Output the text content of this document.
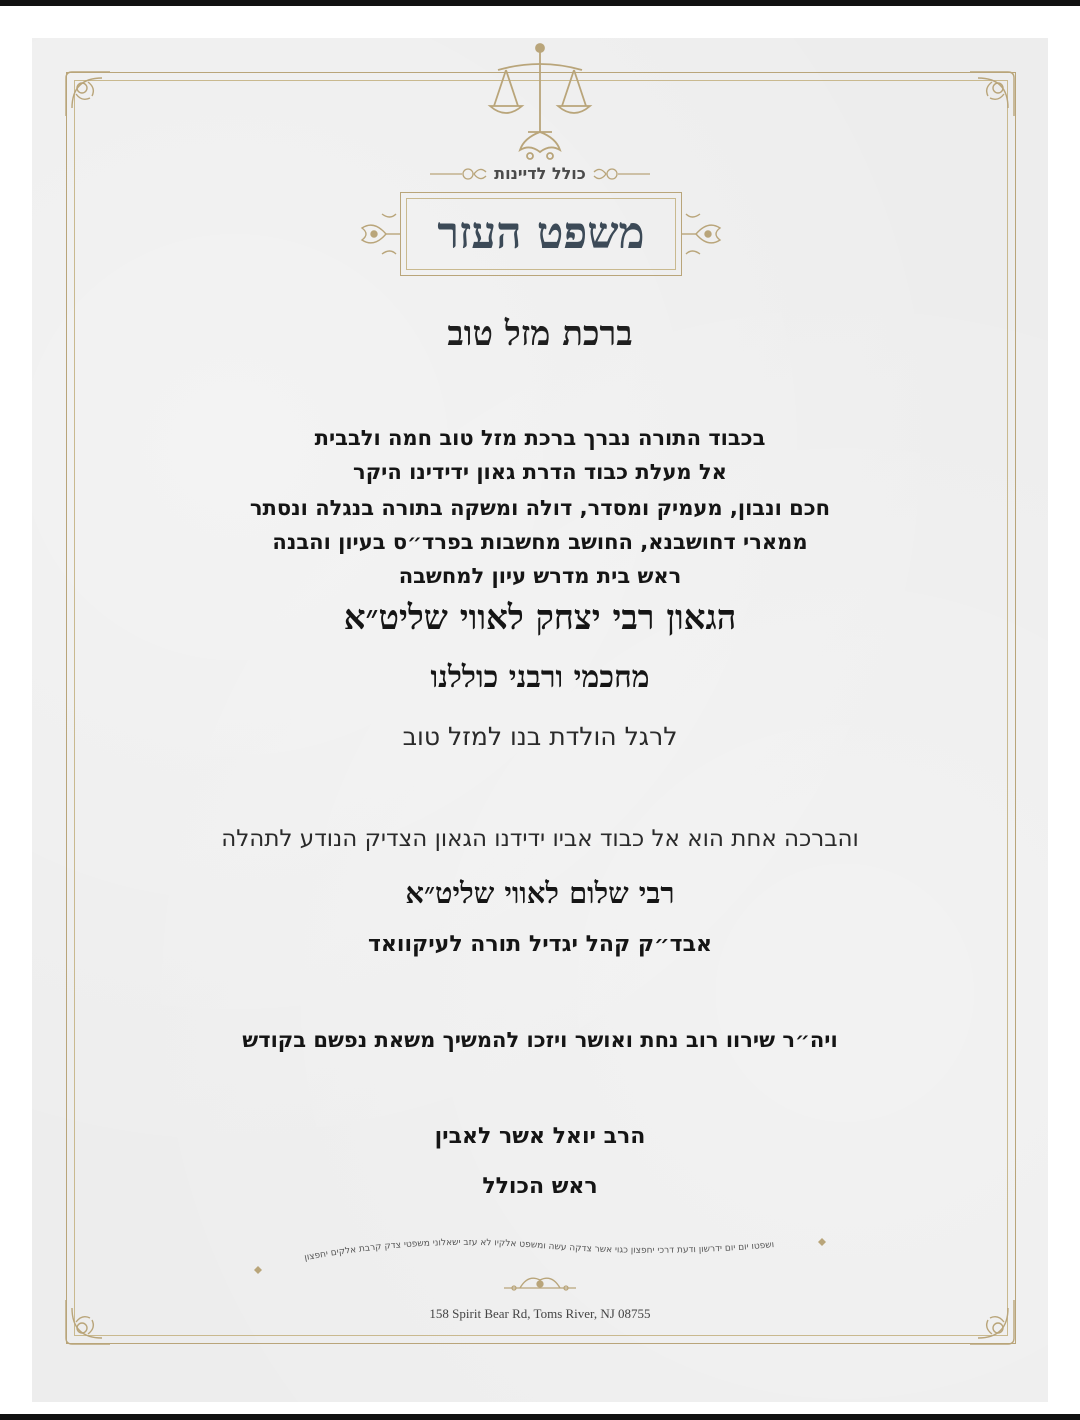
כולל לדיינות
משפט העזר
ברכת מזל טוב
בכבוד התורה נברך ברכת מזל טוב חמה ולבבית
אל מעלת כבוד הדרת גאון ידידינו היקר
חכם ונבון, מעמיק ומסדר, דולה ומשקה בתורה בנגלה ונסתר
ממארי דחושבנא, החושב מחשבות בפרד״ס בעיון והבנה
ראש בית מדרש עיון למחשבה
הגאון רבי יצחק לאווי שליט״א
מחכמי ורבני כוללנו
לרגל הולדת בנו למזל טוב
והברכה אחת הוא אל כבוד אביו ידידנו הגאון הצדיק הנודע לתהלה
רבי שלום לאווי שליט״א
אבד״ק קהל יגדיל תורה לעיקוואד
ויה״ר שירוו רוב נחת ואושר ויזכו להמשיך משאת נפשם בקודש
הרב יואל אשר לאבין
ראש הכולל
ושפטו יום יום ידרשון ודעת דרכי יחפצון כגוי אשר צדקה עשה ומשפט אלקיו לא עזב ישאלוני משפטי צדק קרבת אלקים יחפצון
158 Spirit Bear Rd, Toms River, NJ 08755
